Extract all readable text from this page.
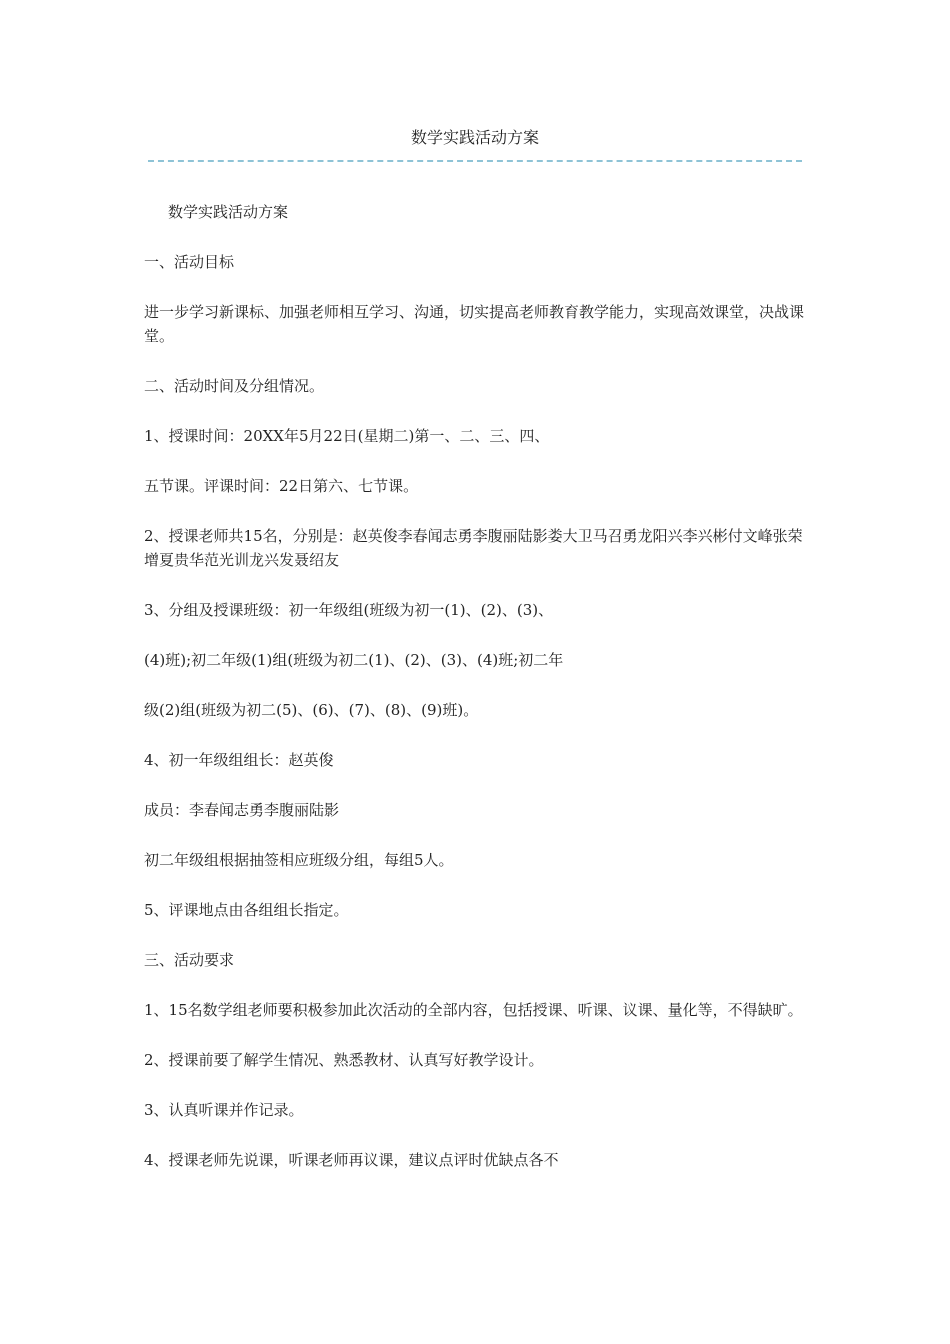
数学实践活动方案

数学实践活动方案

一、活动目标

进一步学习新课标、加强老师相互学习、沟通，切实提高老师教育教学能力，实现高效课堂，决战课堂。

二、活动时间及分组情况。

1、授课时间：20XX年5月22日(星期二)第一、二、三、四、

五节课。评课时间：22日第六、七节课。

2、授课老师共15名，分别是：赵英俊李春闻志勇李腹丽陆影娄大卫马召勇龙阳兴李兴彬付文峰张荣增夏贵华范光训龙兴发聂绍友

3、分组及授课班级：初一年级组(班级为初一(1)、(2)、(3)、

(4)班);初二年级(1)组(班级为初二(1)、(2)、(3)、(4)班;初二年

级(2)组(班级为初二(5)、(6)、(7)、(8)、(9)班)。

4、初一年级组组长：赵英俊

成员：李春闻志勇李腹丽陆影

初二年级组根据抽签相应班级分组，每组5人。

5、评课地点由各组组长指定。

三、活动要求

1、15名数学组老师要积极参加此次活动的全部内容，包括授课、听课、议课、量化等，不得缺旷。

2、授课前要了解学生情况、熟悉教材、认真写好教学设计。

3、认真听课并作记录。

4、授课老师先说课，听课老师再议课，建议点评时优缺点各不
